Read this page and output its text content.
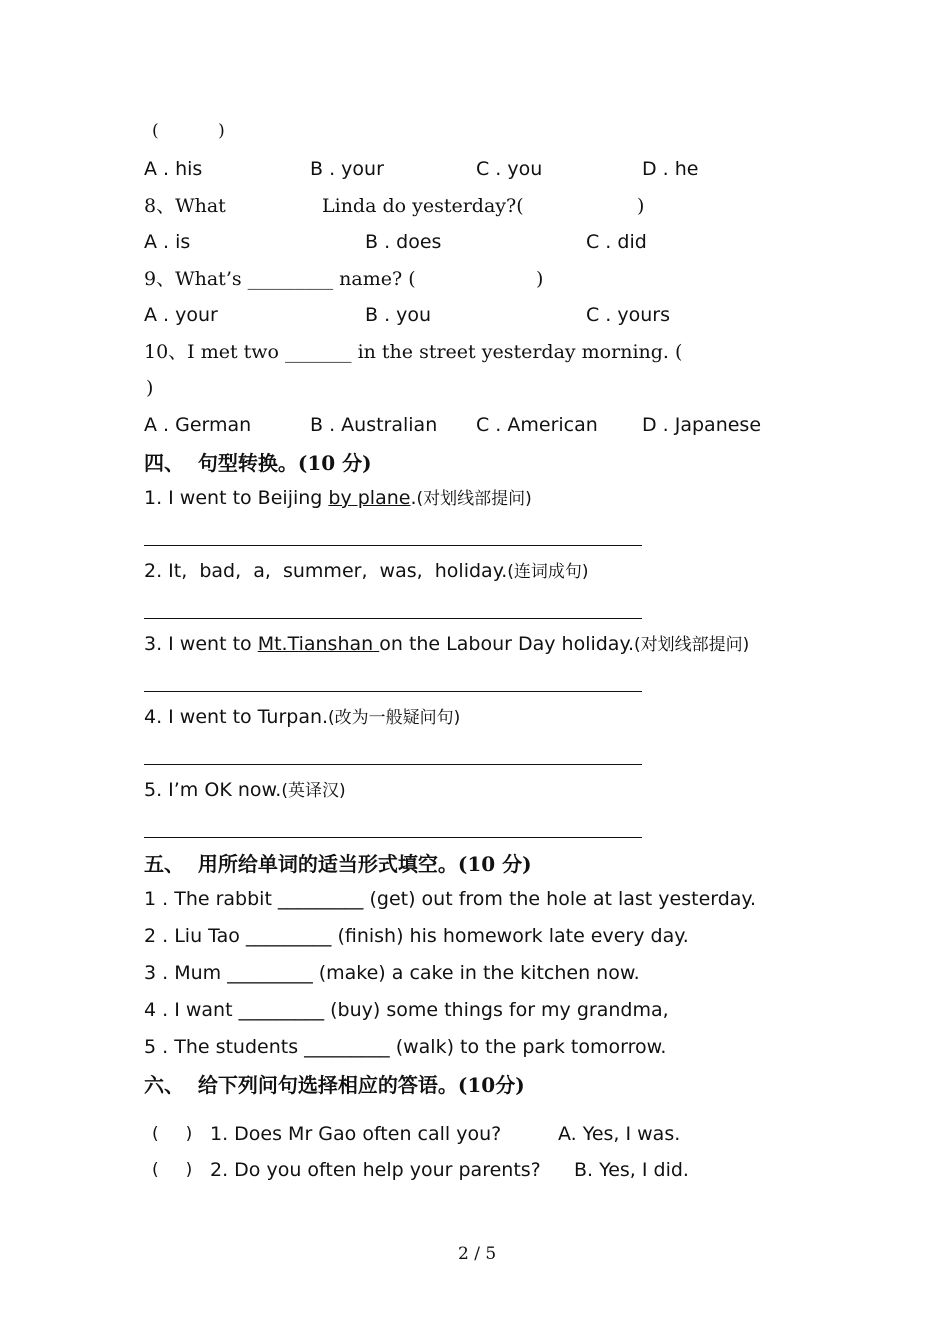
(           )
A . his	B . your	C . you	D . he
8、What	Linda do yesterday?(	)
A . is	B . does	C . did
9、What’s _________ name? (	)
A . your	B . you	C . yours
10、I met two _______ in the street yesterday morning. (
)
A . German	B . Australian C . American D . Japanese
四、  句型转换。(10 分)
1. I went to Beijing by plane.(对划线部提问)
2. It,  bad,  a,  summer,  was,  holiday.(连词成句)
3. I went to Mt.Tianshan on the Labour Day holiday.(对划线部提问)
4. I went to Turpan.(改为一般疑问句)
5. I’m OK now.(英译汉)
五、  用所给单词的适当形式填空。(10 分)
1 . The rabbit _________ (get) out from the hole at last yesterday.
2 . Liu Tao _________ (finish) his homework late every day.
3 . Mum _________ (make) a cake in the kitchen now.
4 . I want _________ (buy) some things for my grandma,
5 . The students _________ (walk) to the park tomorrow.
六、  给下列问句选择相应的答语。(10分)
(     ) 1. Does Mr Gao often call you?	A. Yes, I was.
(     ) 2. Do you often help your parents? B. Yes, I did.
2 / 5
